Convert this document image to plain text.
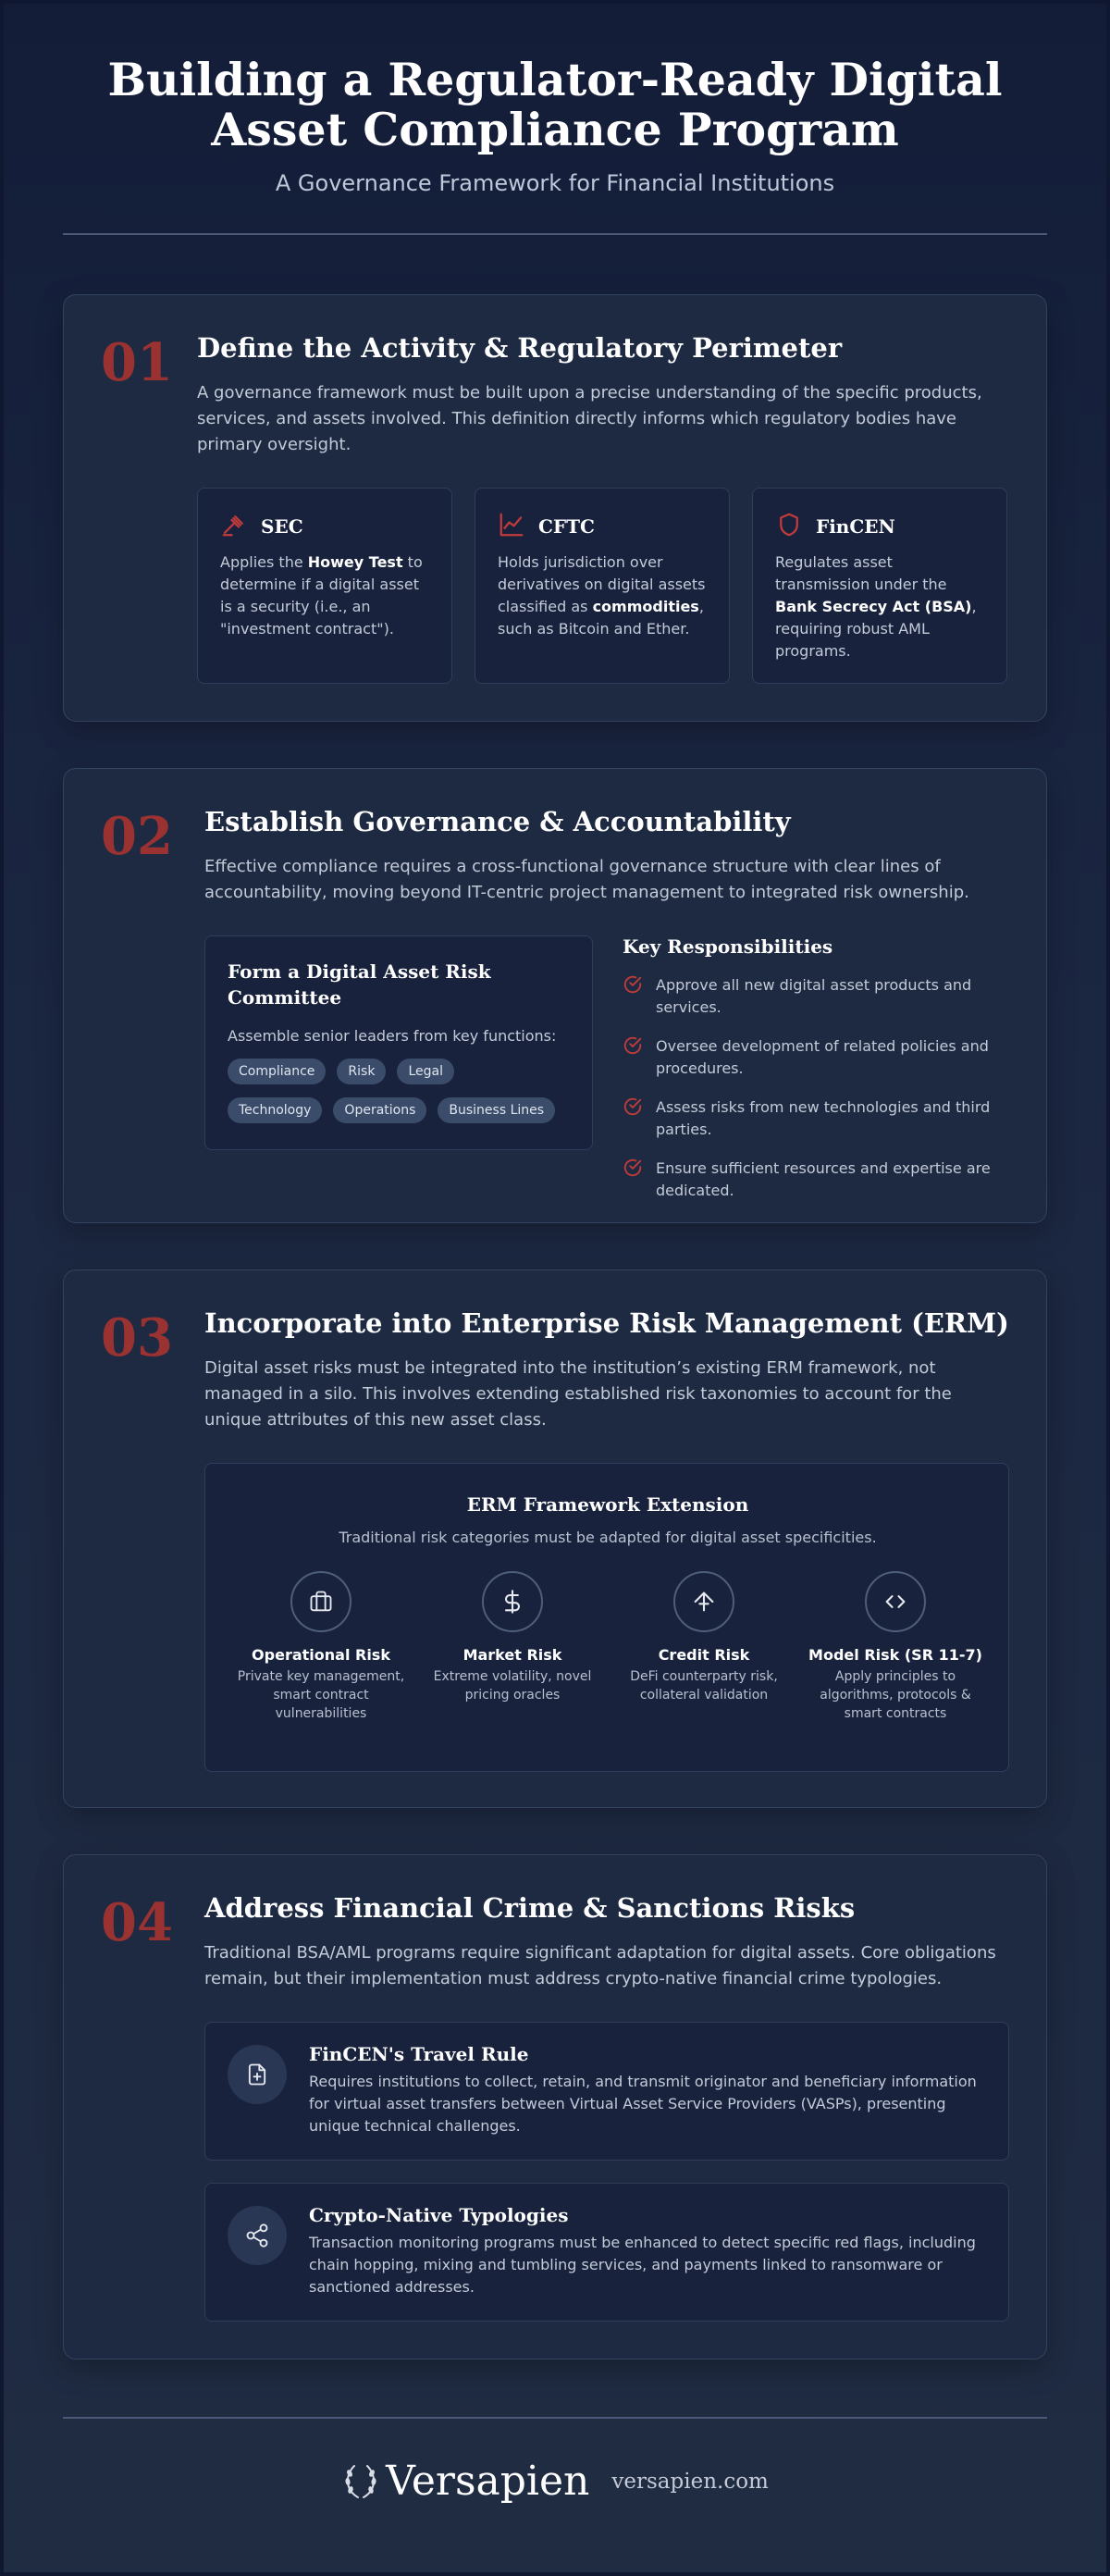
Building a Regulator-Ready Digital Asset Compliance Program
A Governance Framework for Financial Institutions
01 Define the Activity & Regulatory Perimeter

A governance framework must be built upon a precise understanding of the specific products, services, and assets involved. This definition directly informs which regulatory bodies have primary oversight.

SEC
Applies the Howey Test to determine if a digital asset is a security (i.e., an "investment contract").
CFTC
Holds jurisdiction over derivatives on digital assets classified as commodities, such as Bitcoin and Ether.
FinCEN
Regulates asset transmission under the Bank Secrecy Act (BSA), requiring robust AML programs.
02 Establish Governance & Accountability

Effective compliance requires a cross-functional governance structure with clear lines of accountability, moving beyond IT-centric project management to integrated risk ownership.

Form a Digital Asset Risk Committee
Assemble senior leaders from key functions:
Compliance	Risk	Legal
Technology	Operations	Business Lines
Key Responsibilities
Approve all new digital asset products and services.
Oversee development of related policies and procedures.
Assess risks from new technologies and third parties.
Ensure sufficient resources and expertise are dedicated.
03 Incorporate into Enterprise Risk Management (ERM)

Digital asset risks must be integrated into the institution’s existing ERM framework, not managed in a silo. This involves extending established risk taxonomies to account for the unique attributes of this new asset class.

ERM Framework Extension
Traditional risk categories must be adapted for digital asset specificities.
Operational Risk
Private key management, smart contract vulnerabilities
Market Risk
Extreme volatility, novel pricing oracles
Credit Risk
DeFi counterparty risk, collateral validation
Model Risk (SR 11-7)
Apply principles to algorithms, protocols & smart contracts
04 Address Financial Crime & Sanctions Risks

Traditional BSA/AML programs require significant adaptation for digital assets. Core obligations remain, but their implementation must address crypto-native financial crime typologies.

FinCEN's Travel Rule
Requires institutions to collect, retain, and transmit originator and beneficiary information for virtual asset transfers between Virtual Asset Service Providers (VASPs), presenting unique technical challenges.
Crypto-Native Typologies
Transaction monitoring programs must be enhanced to detect specific red flags, including chain hopping, mixing and tumbling services, and payments linked to ransomware or sanctioned addresses.
Versapien versapien.com
